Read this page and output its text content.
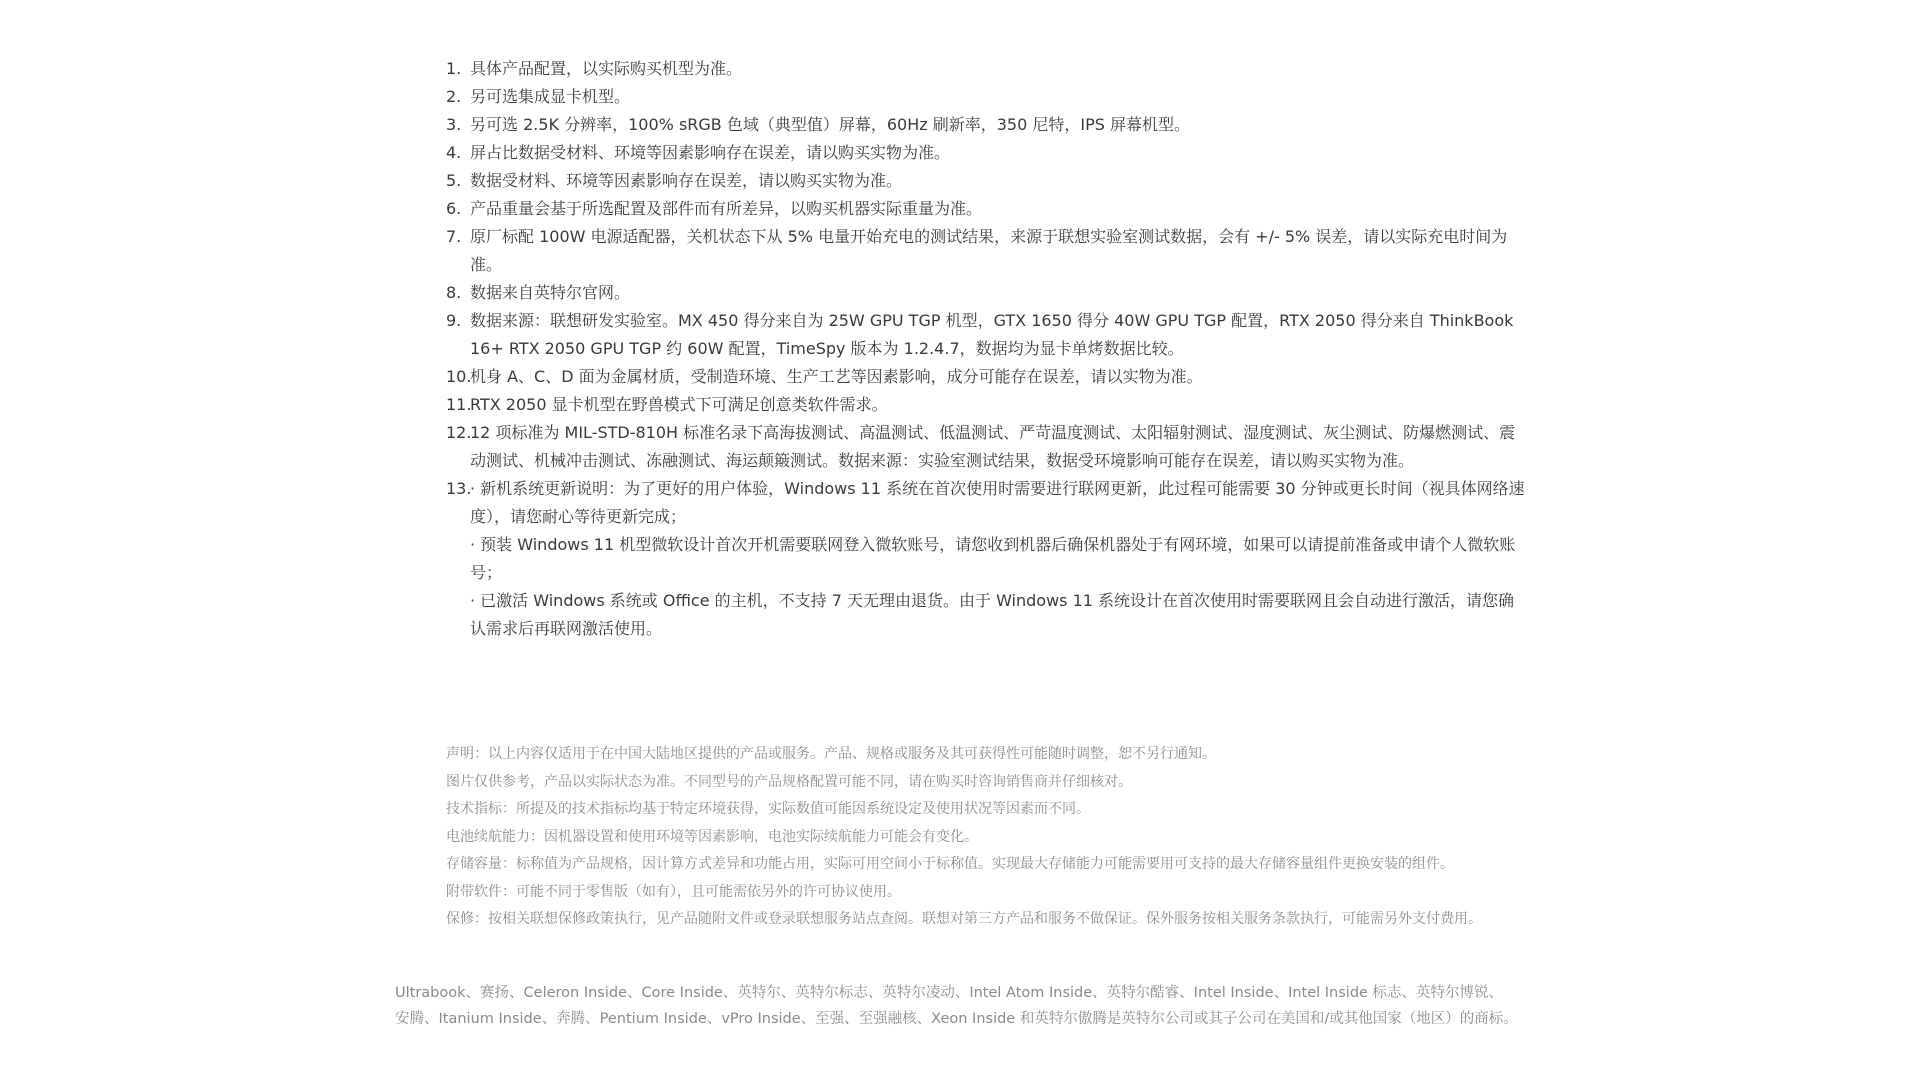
1. 具体产品配置，以实际购买机型为准。
2. 另可选集成显卡机型。
3. 另可选 2.5K 分辨率，100% sRGB 色域（典型值）屏幕，60Hz 刷新率，350 尼特，IPS 屏幕机型。
4. 屏占比数据受材料、环境等因素影响存在误差，请以购买实物为准。
5. 数据受材料、环境等因素影响存在误差，请以购买实物为准。
6. 产品重量会基于所选配置及部件而有所差异，以购买机器实际重量为准。
7. 原厂标配 100W 电源适配器，关机状态下从 5% 电量开始充电的测试结果，来源于联想实验室测试数据，会有 +/- 5% 误差，请以实际充电时间为准。
8. 数据来自英特尔官网。
9. 数据来源：联想研发实验室。MX 450 得分来自为 25W GPU TGP 机型，GTX 1650 得分 40W GPU TGP 配置，RTX 2050 得分来自 ThinkBook 16+ RTX 2050 GPU TGP 约 60W 配置，TimeSpy 版本为 1.2.4.7，数据均为显卡单烤数据比较。
10.
机身 A、C、D 面为金属材质，受制造环境、生产工艺等因素影响，成分可能存在误差，请以实物为准。
11.
RTX 2050 显卡机型在野兽模式下可满足创意类软件需求。
12.
12 项标准为 MIL-STD-810H 标准名录下高海拔测试、高温测试、低温测试、严苛温度测试、太阳辐射测试、湿度测试、灰尘测试、防爆燃测试、震动测试、机械冲击测试、冻融测试、海运颠簸测试。数据来源：实验室测试结果，数据受环境影响可能存在误差，请以购买实物为准。
13.
· 新机系统更新说明：为了更好的用户体验，Windows 11 系统在首次使用时需要进行联网更新，此过程可能需要 30 分钟或更长时间（视具体网络速度），请您耐心等待更新完成；
· 预装 Windows 11 机型微软设计首次开机需要联网登入微软账号，请您收到机器后确保机器处于有网环境，如果可以请提前准备或申请个人微软账号；
· 已激活 Windows 系统或 Office 的主机，不支持 7 天无理由退货。由于 Windows 11 系统设计在首次使用时需要联网且会自动进行激活，请您确认需求后再联网激活使用。
声明：以上内容仅适用于在中国大陆地区提供的产品或服务。产品、规格或服务及其可获得性可能随时调整，恕不另行通知。
图片仅供参考，产品以实际状态为准。不同型号的产品规格配置可能不同，请在购买时咨询销售商并仔细核对。
技术指标：所提及的技术指标均基于特定环境获得，实际数值可能因系统设定及使用状况等因素而不同。
电池续航能力：因机器设置和使用环境等因素影响，电池实际续航能力可能会有变化。
存储容量：标称值为产品规格，因计算方式差异和功能占用，实际可用空间小于标称值。实现最大存储能力可能需要用可支持的最大存储容量组件更换安装的组件。
附带软件：可能不同于零售版（如有），且可能需依另外的许可协议使用。
保修：按相关联想保修政策执行，见产品随附文件或登录联想服务站点查阅。联想对第三方产品和服务不做保证。保外服务按相关服务条款执行，可能需另外支付费用。
Ultrabook、赛扬、Celeron Inside、Core Inside、英特尔、英特尔标志、英特尔凌动、Intel Atom Inside、英特尔酷睿、Intel Inside、Intel Inside 标志、英特尔博锐、
安腾、Itanium Inside、奔腾、Pentium Inside、vPro Inside、至强、至强融核、Xeon Inside 和英特尔傲腾是英特尔公司或其子公司在美国和/或其他国家（地区）的商标。
